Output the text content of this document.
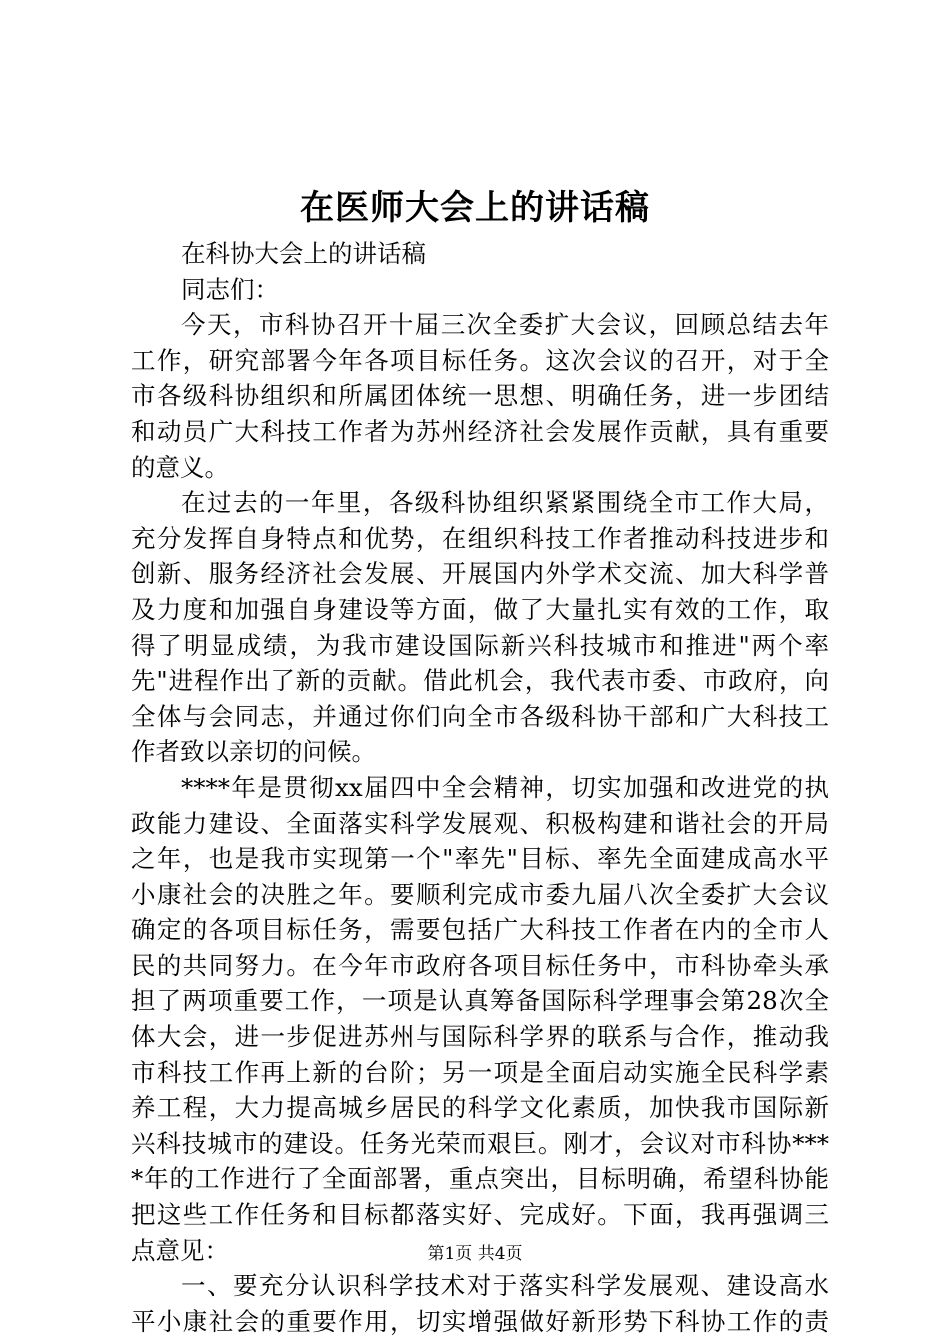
在医师大会上的讲话稿
在科协大会上的讲话稿
同志们：
今天，市科协召开十届三次全委扩大会议，回顾总结去年
工作，研究部署今年各项目标任务。这次会议的召开，对于全
市各级科协组织和所属团体统一思想、明确任务，进一步团结
和动员广大科技工作者为苏州经济社会发展作贡献，具有重要
的意义。
在过去的一年里，各级科协组织紧紧围绕全市工作大局，
充分发挥自身特点和优势，在组织科技工作者推动科技进步和
创新、服务经济社会发展、开展国内外学术交流、加大科学普
及力度和加强自身建设等方面，做了大量扎实有效的工作，取
得了明显成绩，为我市建设国际新兴科技城市和推进"两个率
先"进程作出了新的贡献。借此机会，我代表市委、市政府，向
全体与会同志，并通过你们向全市各级科协干部和广大科技工
作者致以亲切的问候。
****年是贯彻xx届四中全会精神，切实加强和改进党的执
政能力建设、全面落实科学发展观、积极构建和谐社会的开局
之年，也是我市实现第一个"率先"目标、率先全面建成高水平
小康社会的决胜之年。要顺利完成市委九届八次全委扩大会议
确定的各项目标任务，需要包括广大科技工作者在内的全市人
民的共同努力。在今年市政府各项目标任务中，市科协牵头承
担了两项重要工作，一项是认真筹备国际科学理事会第28次全
体大会，进一步促进苏州与国际科学界的联系与合作，推动我
市科技工作再上新的台阶；另一项是全面启动实施全民科学素
养工程，大力提高城乡居民的科学文化素质，加快我市国际新
兴科技城市的建设。任务光荣而艰巨。刚才，会议对市科协***
*年的工作进行了全面部署，重点突出，目标明确，希望科协能
把这些工作任务和目标都落实好、完成好。下面，我再强调三
点意见：
一、要充分认识科学技术对于落实科学发展观、建设高水
平小康社会的重要作用，切实增强做好新形势下科协工作的责
第1页 共4页
